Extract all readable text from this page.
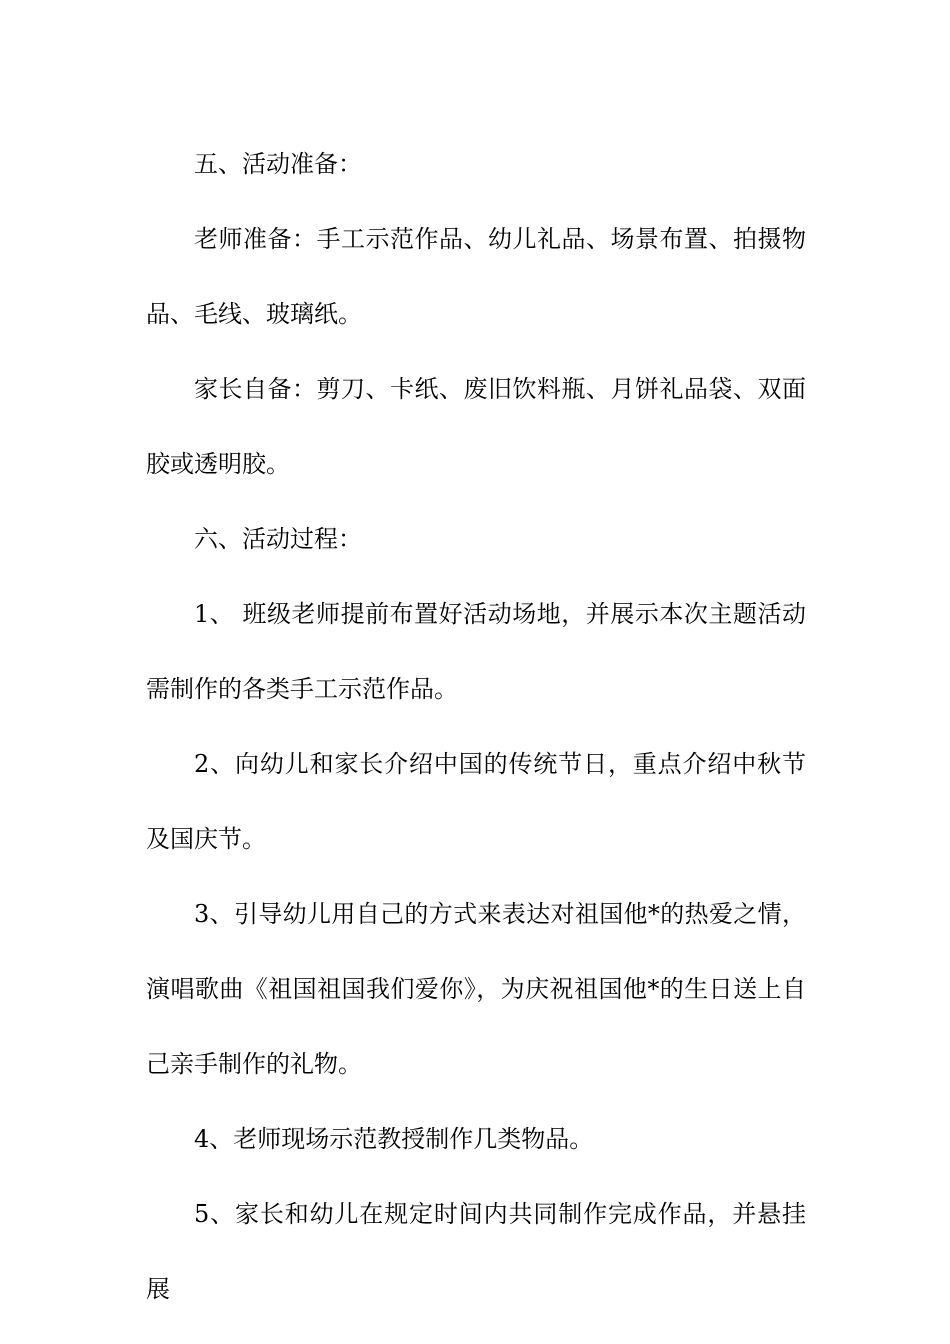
五、活动准备：

老师准备：手工示范作品、幼儿礼品、场景布置、拍摄物品、毛线、玻璃纸。

家长自备：剪刀、卡纸、废旧饮料瓶、月饼礼品袋、双面胶或透明胶。

六、活动过程：

1、 班级老师提前布置好活动场地，并展示本次主题活动需制作的各类手工示范作品。

2、向幼儿和家长介绍中国的传统节日，重点介绍中秋节及国庆节。

3、引导幼儿用自己的方式来表达对祖国他*的热爱之情，演唱歌曲《祖国祖国我们爱你》，为庆祝祖国他*的生日送上自己亲手制作的礼物。

4、老师现场示范教授制作几类物品。

5、家长和幼儿在规定时间内共同制作完成作品，并悬挂展
